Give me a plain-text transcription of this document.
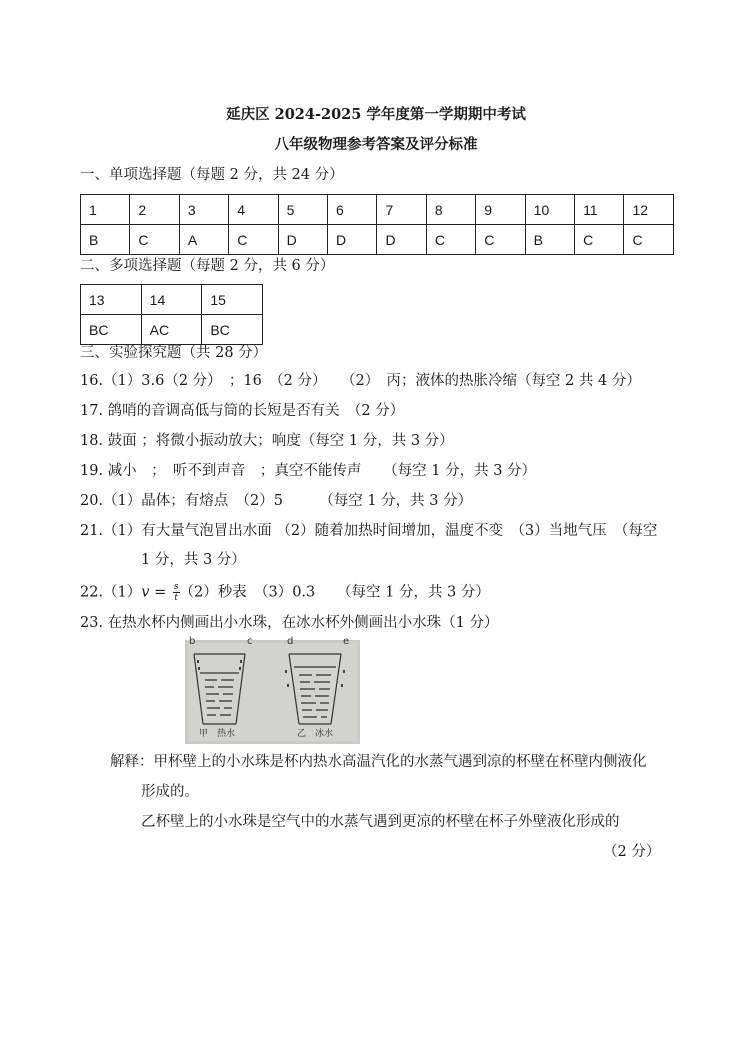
延庆区 2024-2025 学年度第一学期期中考试
八年级物理参考答案及评分标准
一、单项选择题（每题 2 分，共 24 分）
1	2	3	4	5	6	7	8	9	10	11	12
B	C	A	C	D	D	D	C	C	B	C	C
二、多项选择题（每题 2 分，共 6 分）
13	14	15
BC	AC	BC
三、实验探究题（共 28 分）
16.（1）3.6（2 分）　；16　（2 分）　　（2）　丙；液体的热胀冷缩（每空 2 共 4 分）
17. 鸽哨的音调高低与筒的长短是否有关　（2 分）
18. 鼓面 ；将微小振动放大；响度（每空 1 分，共 3 分）
19. 减小　；　听不到声音　；真空不能传声　　（每空 1 分，共 3 分）
20.（1）晶体；有熔点　（2）5　　　（每空 1 分，共 3 分）
21.（1）有大量气泡冒出水面 （2）随着加热时间增加，温度不变　（3）当地气压　（每空
1 分，共 3 分）
$22.(1)v = \frac{s}{t} (2)$秒表　（3）0.3　　（每空 1 分，共 3 分）
23. 在热水杯内侧画出小水珠，在冰水杯外侧画出小水珠（1 分）
b	c	d	e
甲　热水	乙　冰水
解释：甲杯壁上的小水珠是杯内热水高温汽化的水蒸气遇到凉的杯壁在杯壁内侧液化
形成的。
乙杯壁上的小水珠是空气中的水蒸气遇到更凉的杯壁在杯子外壁液化形成的
（2 分）
